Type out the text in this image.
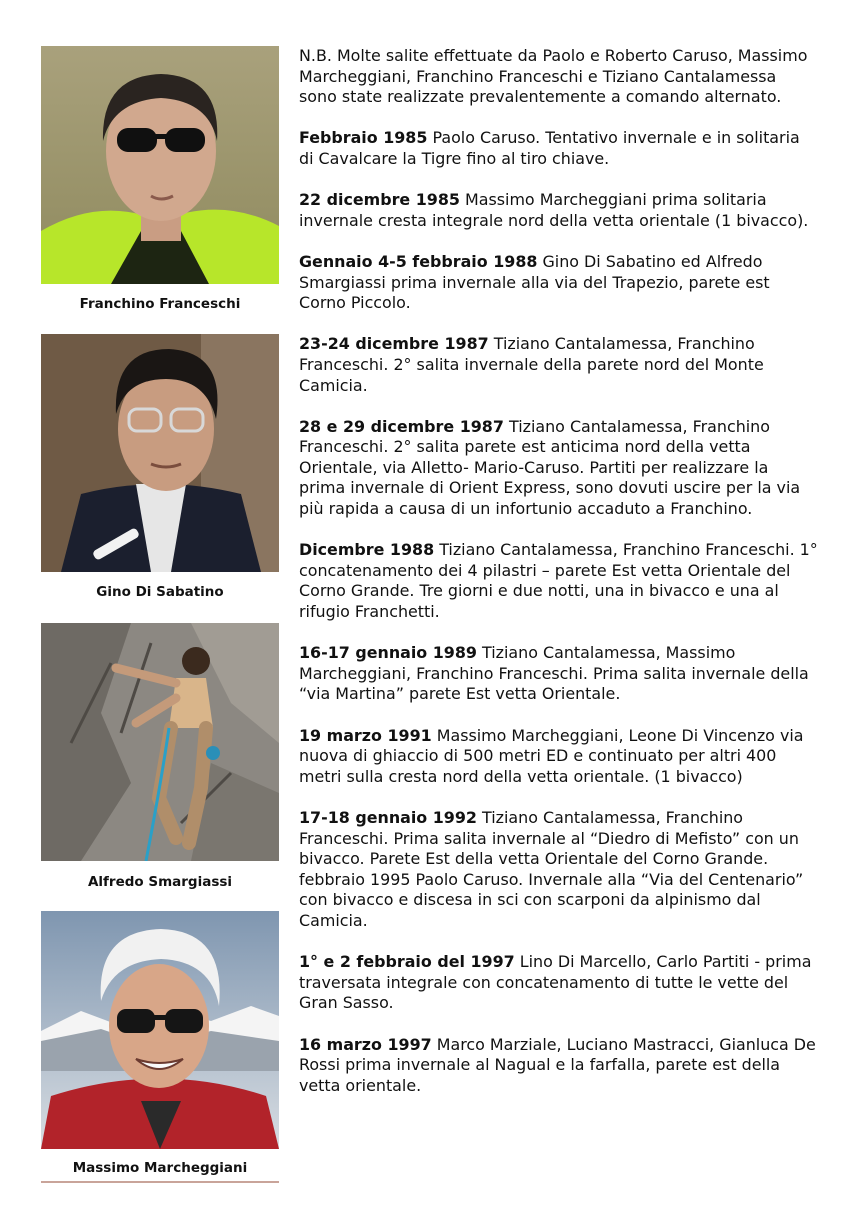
Franchino Franceschi
Gino Di Sabatino
Alfredo Smargiassi
Massimo Marcheggiani

N.B. Molte salite effettuate da Paolo e Roberto Caruso, Massimo Marcheggiani, Franchino Franceschi e Tiziano Cantalamessa sono state realizzate prevalentemente a comando alternato.

Febbraio 1985 Paolo Caruso. Tentativo invernale e in solitaria di Cavalcare la Tigre fino al tiro chiave.

22 dicembre 1985 Massimo Marcheggiani prima solitaria invernale cresta integrale nord della vetta orientale (1 bivacco).

Gennaio 4-5 febbraio 1988 Gino Di Sabatino ed Alfredo Smargiassi prima invernale alla via del Trapezio, parete est Corno Piccolo.

23-24 dicembre 1987 Tiziano Cantalamessa, Franchino Franceschi. 2° salita invernale della parete nord del Monte Camicia.

28 e 29 dicembre 1987 Tiziano Cantalamessa, Franchino Franceschi. 2° salita parete est anticima nord della vetta Orientale, via Alletto- Mario-Caruso. Partiti per realizzare la prima invernale di Orient Express, sono dovuti uscire per la via più rapida a causa di un infortunio accaduto a Franchino.

Dicembre 1988 Tiziano Cantalamessa, Franchino Franceschi. 1° concatenamento dei 4 pilastri – parete Est vetta Orientale del Corno Grande. Tre giorni e due notti, una in bivacco e una al rifugio Franchetti.

16-17 gennaio 1989 Tiziano Cantalamessa, Massimo Marcheggiani, Franchino Franceschi. Prima salita invernale della “via Martina” parete Est vetta Orientale.

19 marzo 1991 Massimo Marcheggiani, Leone Di Vincenzo via nuova di ghiaccio di 500 metri ED e continuato per altri 400 metri sulla cresta nord della vetta orientale. (1 bivacco)

17-18 gennaio 1992 Tiziano Cantalamessa, Franchino Franceschi. Prima salita invernale al “Diedro di Mefisto” con un bivacco. Parete Est della vetta Orientale del Corno Grande. febbraio 1995 Paolo Caruso. Invernale alla “Via del Centenario” con bivacco e discesa in sci con scarponi da alpinismo dal Camicia.

1° e 2 febbraio del 1997 Lino Di Marcello, Carlo Partiti - prima traversata integrale con concatenamento di tutte le vette del Gran Sasso.

16 marzo 1997 Marco Marziale, Luciano Mastracci, Gianluca De Rossi prima invernale al Nagual e la farfalla, parete est della vetta orientale.
